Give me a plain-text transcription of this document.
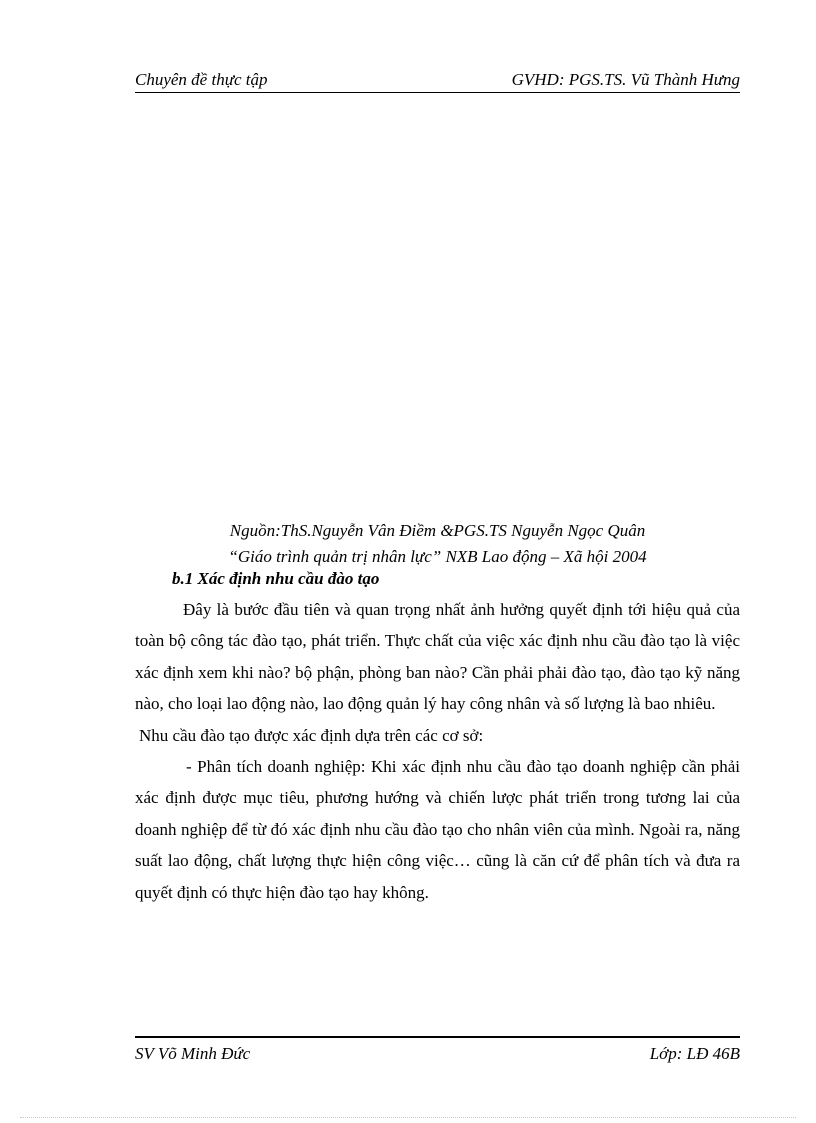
Chuyên đề thực tập	GVHD: PGS.TS. Vũ Thành Hưng
Nguồn:ThS.Nguyễn Vân Điềm &PGS.TS Nguyễn Ngọc Quân
“Giáo trình quản trị nhân lực” NXB Lao động – Xã hội 2004
b.1 Xác định nhu cầu đào tạo

Đây là bước đầu tiên và quan trọng nhất ảnh hưởng quyết định tới hiệu quả của toàn bộ công tác đào tạo, phát triển. Thực chất của việc xác định nhu cầu đào tạo là việc xác định xem khi nào? bộ phận, phòng ban nào? Cần phải phải đào tạo, đào tạo kỹ năng nào, cho loại lao động nào, lao động quản lý hay công nhân và số lượng là bao nhiêu.

Nhu cầu đào tạo được xác định dựa trên các cơ sở:

- Phân tích doanh nghiệp: Khi xác định nhu cầu đào tạo doanh nghiệp cần phải xác định được mục tiêu, phương hướng và chiến lược phát triển trong tương lai của doanh nghiệp để từ đó xác định nhu cầu đào tạo cho nhân viên của mình. Ngoài ra, năng suất lao động, chất lượng thực hiện công việc… cũng là căn cứ để phân tích và đưa ra quyết định có thực hiện đào tạo hay không.

SV Võ Minh Đức	Lớp: LĐ 46B
